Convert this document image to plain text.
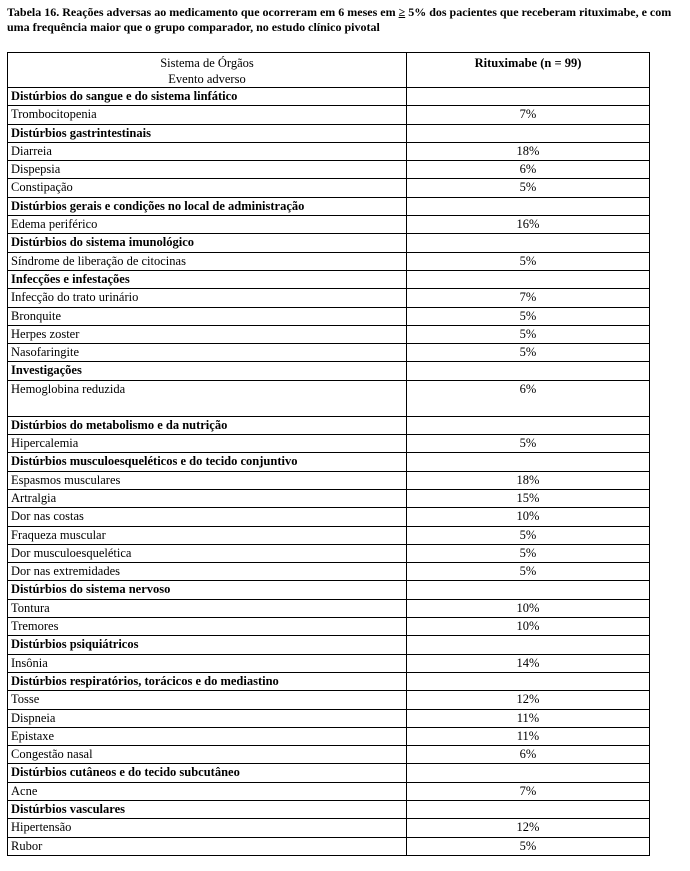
Tabela 16. Reações adversas ao medicamento que ocorreram em 6 meses em ≥ 5% dos pacientes que receberam rituximabe, e com uma frequência maior que o grupo comparador, no estudo clínico pivotal

Sistema de Órgãos
Evento adverso	Rituximabe (n = 99)
Distúrbios do sangue e do sistema linfático	
Trombocitopenia	7%
Distúrbios gastrintestinais	
Diarreia	18%
Dispepsia	6%
Constipação	5%
Distúrbios gerais e condições no local de administração	
Edema periférico	16%
Distúrbios do sistema imunológico	
Síndrome de liberação de citocinas	5%
Infecções e infestações	
Infecção do trato urinário	7%
Bronquite	5%
Herpes zoster	5%
Nasofaringite	5%
Investigações	
Hemoglobina reduzida	6%
Distúrbios do metabolismo e da nutrição	
Hipercalemia	5%
Distúrbios musculoesqueléticos e do tecido conjuntivo	
Espasmos musculares	18%
Artralgia	15%
Dor nas costas	10%
Fraqueza muscular	5%
Dor musculoesquelética	5%
Dor nas extremidades	5%
Distúrbios do sistema nervoso	
Tontura	10%
Tremores	10%
Distúrbios psiquiátricos	
Insônia	14%
Distúrbios respiratórios, torácicos e do mediastino	
Tosse	12%
Dispneia	11%
Epistaxe	11%
Congestão nasal	6%
Distúrbios cutâneos e do tecido subcutâneo	
Acne	7%
Distúrbios vasculares	
Hipertensão	12%
Rubor	5%
